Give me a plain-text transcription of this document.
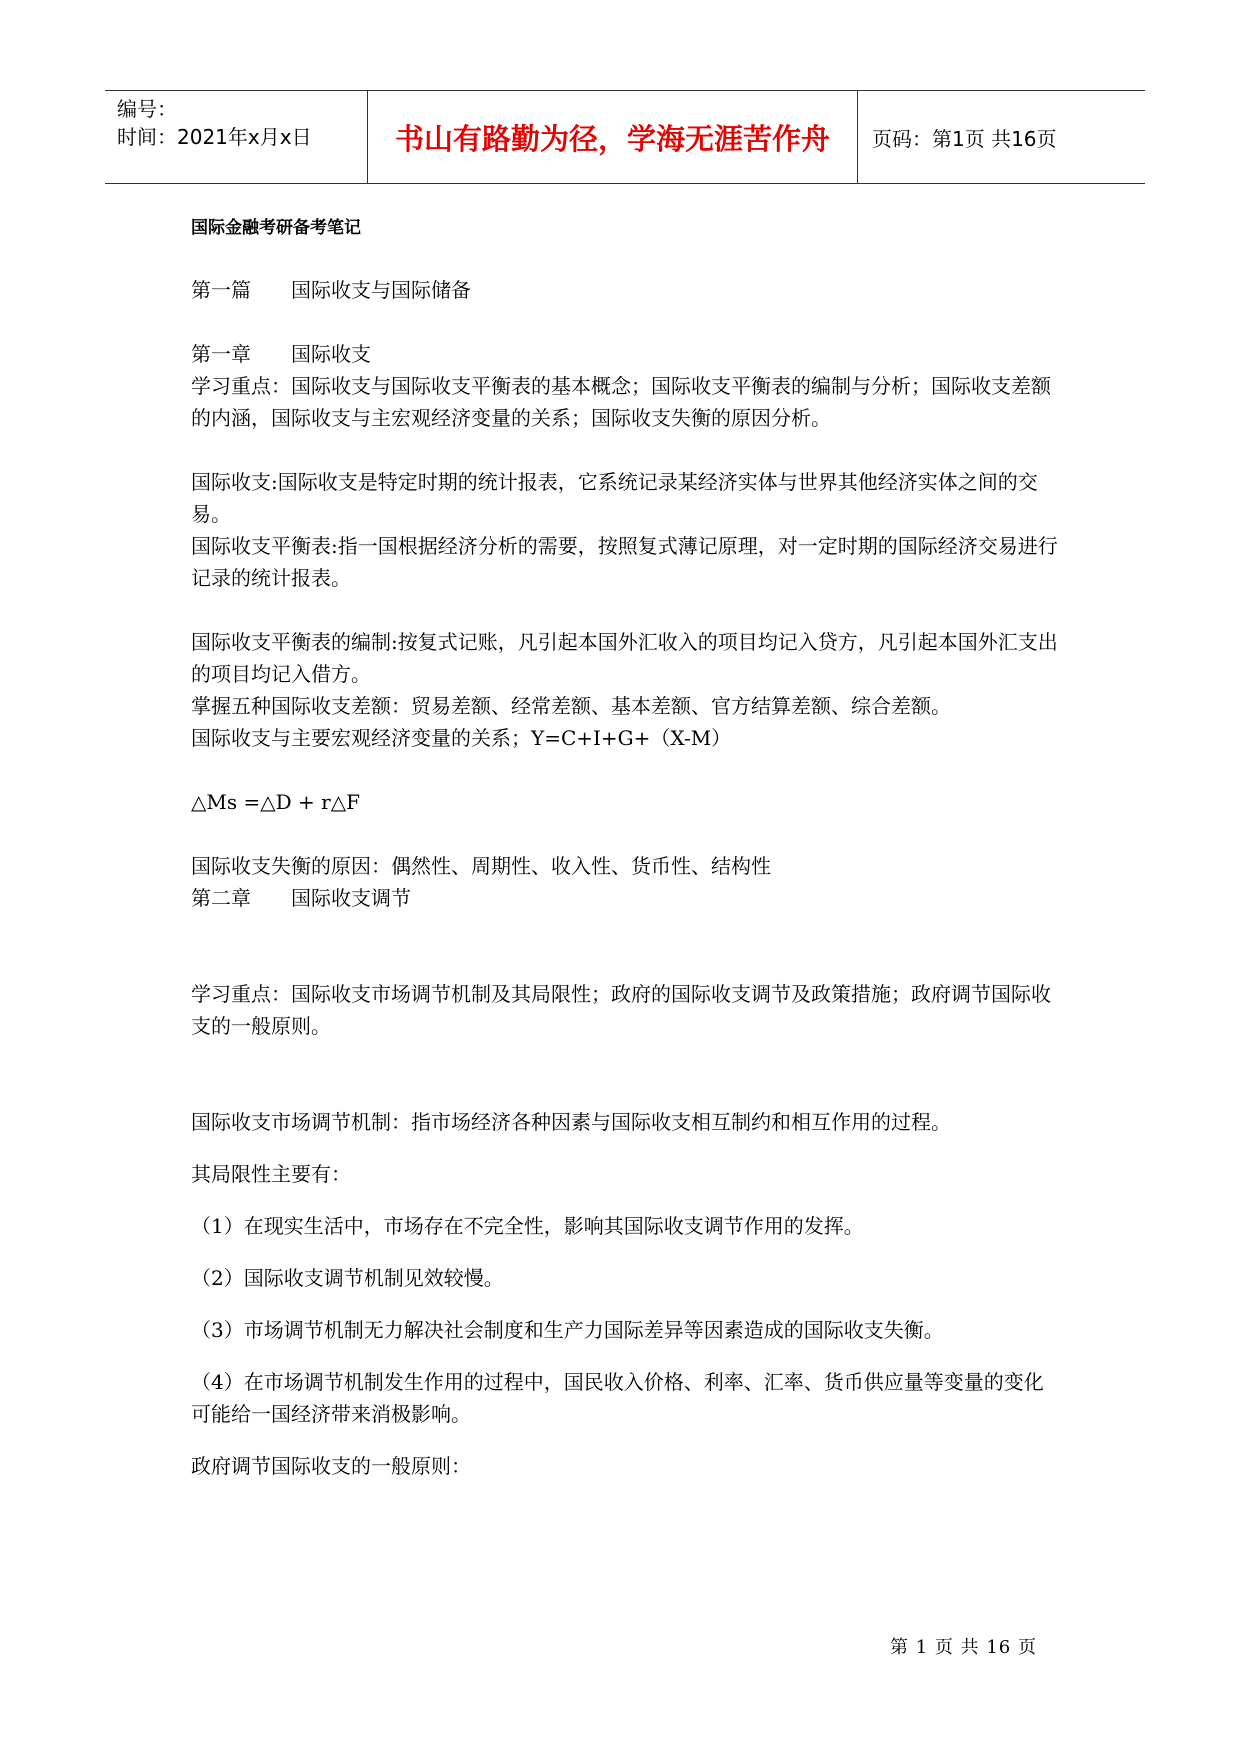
编号：
时间：2021年x月x日	书山有路勤为径，学海无涯苦作舟	页码：第1页 共16页

国际金融考研备考笔记

第一篇　　国际收支与国际储备

第一章　　国际收支

学习重点：国际收支与国际收支平衡表的基本概念；国际收支平衡表的编制与分析；国际收支差额的内涵，国际收支与主宏观经济变量的关系；国际收支失衡的原因分析。

国际收支:国际收支是特定时期的统计报表，它系统记录某经济实体与世界其他经济实体之间的交易。

国际收支平衡表:指一国根据经济分析的需要，按照复式薄记原理，对一定时期的国际经济交易进行记录的统计报表。

国际收支平衡表的编制:按复式记账，凡引起本国外汇收入的项目均记入贷方，凡引起本国外汇支出的项目均记入借方。

掌握五种国际收支差额：贸易差额、经常差额、基本差额、官方结算差额、综合差额。

国际收支与主要宏观经济变量的关系；Y=C+I+G+（X-M）

△Ms =△D + r△F

国际收支失衡的原因：偶然性、周期性、收入性、货币性、结构性

第二章　　国际收支调节

学习重点：国际收支市场调节机制及其局限性；政府的国际收支调节及政策措施；政府调节国际收支的一般原则。

国际收支市场调节机制：指市场经济各种因素与国际收支相互制约和相互作用的过程。

其局限性主要有：

（1）在现实生活中，市场存在不完全性，影响其国际收支调节作用的发挥。

（2）国际收支调节机制见效较慢。

（3）市场调节机制无力解决社会制度和生产力国际差异等因素造成的国际收支失衡。

（4）在市场调节机制发生作用的过程中，国民收入价格、利率、汇率、货币供应量等变量的变化可能给一国经济带来消极影响。

政府调节国际收支的一般原则：

第 1 页 共 16 页
